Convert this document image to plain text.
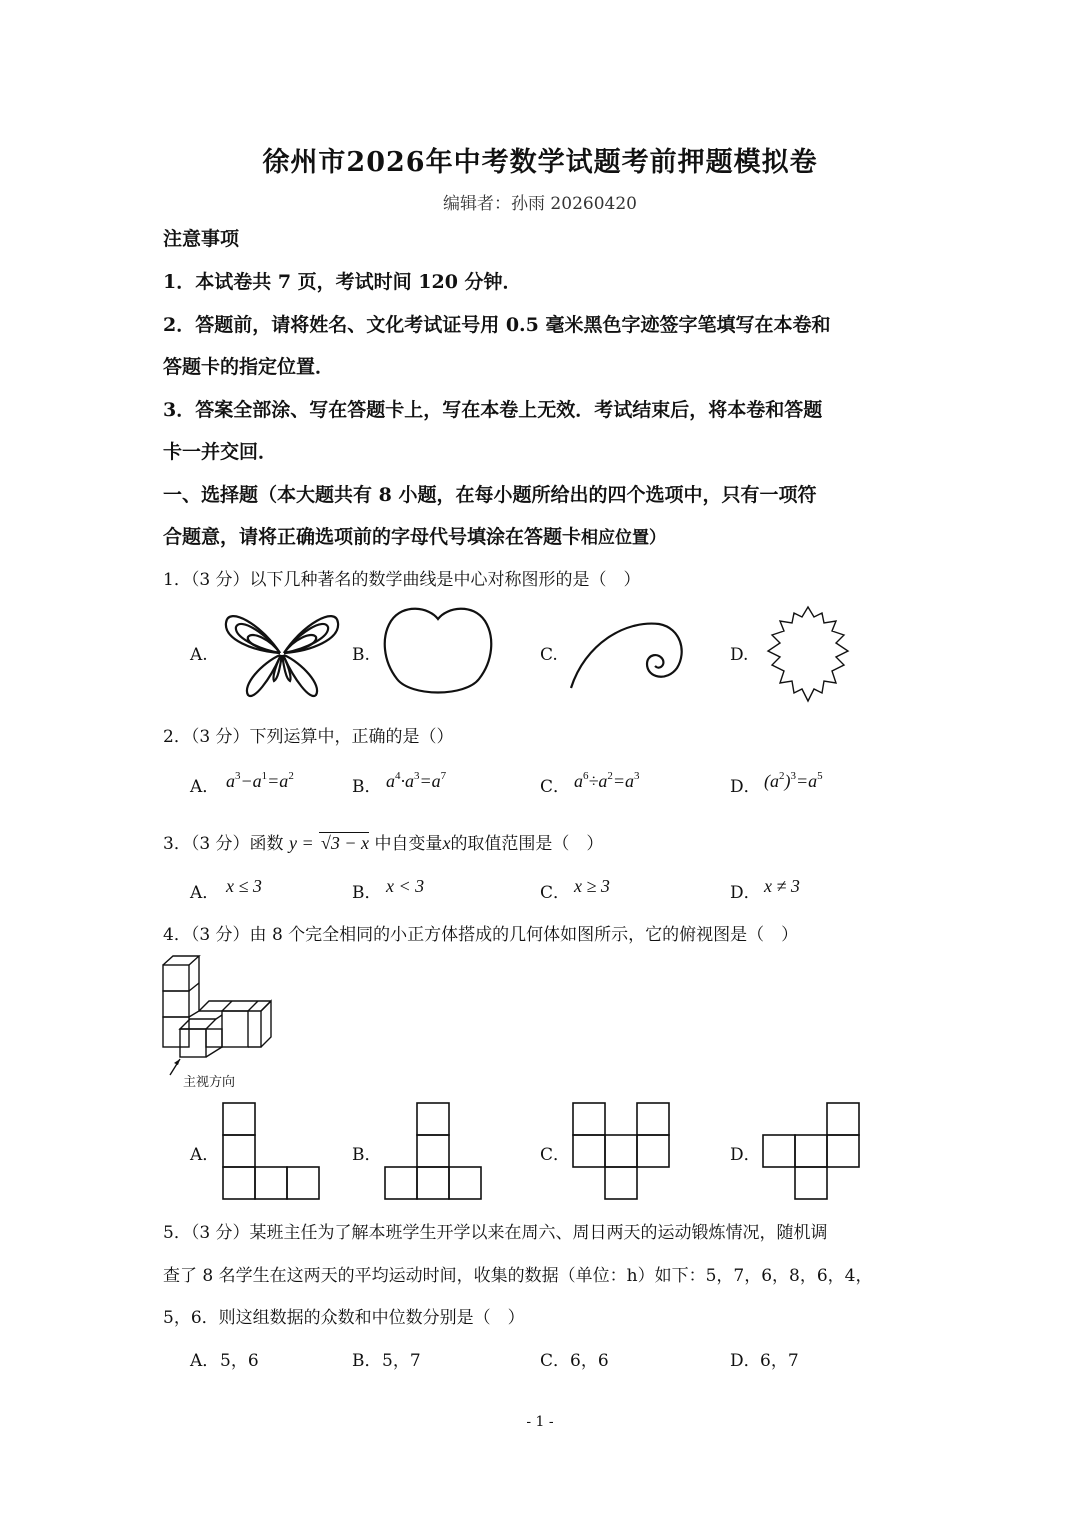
徐州市2026年中考数学试题考前押题模拟卷
编辑者：孙雨 20260420
注意事项
1．本试卷共 7 页，考试时间 120 分钟．
2．答题前，请将姓名、文化考试证号用 0.5 毫米黑色字迹签字笔填写在本卷和
答题卡的指定位置．
3．答案全部涂、写在答题卡上，写在本卷上无效．考试结束后，将本卷和答题
卡一并交回．
一、选择题（本大题共有 8 小题，在每小题所给出的四个选项中，只有一项符
合题意，请将正确选项前的字母代号填涂在答题卡相应位置）
1．（3 分）以下几种著名的数学曲线是中心对称图形的是（　）
A.	B.	C.	D.
2．（3 分）下列运算中，正确的是（）
A． $a^3-a^1=a^2$
B． $a^4\cdot a^3=a^7$
C． $a^6\div a^2=a^3$
D． $(a^2)^3=a^5$
3．（3 分）函数 y = √3 − x 中自变量x的取值范围是（　）
A． x ≤ 3	B． x < 3	C． x ≥ 3	D． x ≠ 3
4．（3 分）由 8 个完全相同的小正方体搭成的几何体如图所示，它的俯视图是（　）
主视方向
A．	B．	C．	D．
5．（3 分）某班主任为了解本班学生开学以来在周六、周日两天的运动锻炼情况，随机调
查了 8 名学生在这两天的平均运动时间，收集的数据（单位：h）如下：5，7，6，8，6，4，
5，6．则这组数据的众数和中位数分别是（　）
A． 5，6	B． 5，7	C． 6，6	D． 6，7
- 1 -
